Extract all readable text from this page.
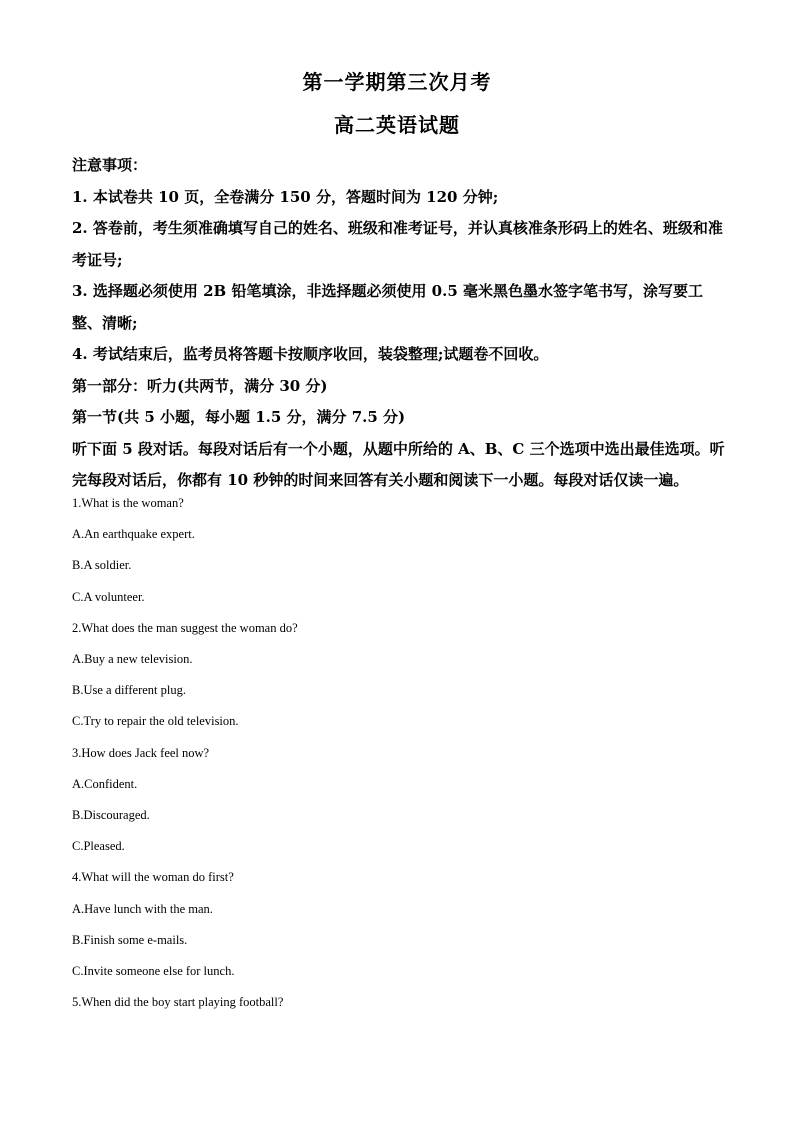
第一学期第三次月考
高二英语试题

注意事项：

1. 本试卷共 10 页，全卷满分 150 分，答题时间为 120 分钟;

2. 答卷前，考生须准确填写自己的姓名、班级和准考证号，并认真核准条形码上的姓名、班级和准考证号;

3. 选择题必须使用 2B 铅笔填涂，非选择题必须使用 0.5 毫米黑色墨水签字笔书写，涂写要工整、清晰;

4. 考试结束后，监考员将答题卡按顺序收回，装袋整理;试题卷不回收。

第一部分：听力(共两节，满分 30 分)

第一节(共 5 小题，每小题 1.5 分，满分 7.5 分)

听下面 5 段对话。每段对话后有一个小题，从题中所给的 A、B、C 三个选项中选出最佳选项。听完每段对话后，你都有 10 秒钟的时间来回答有关小题和阅读下一小题。每段对话仅读一遍。

1.What is the woman?

A.An earthquake expert.

B.A soldier.

C.A volunteer.

2.What does the man suggest the woman do?

A.Buy a new television.

B.Use a different plug.

C.Try to repair the old television.

3.How does Jack feel now?

A.Confident.

B.Discouraged.

C.Pleased.

4.What will the woman do first?

A.Have lunch with the man.

B.Finish some e-mails.

C.Invite someone else for lunch.

5.When did the boy start playing football?
